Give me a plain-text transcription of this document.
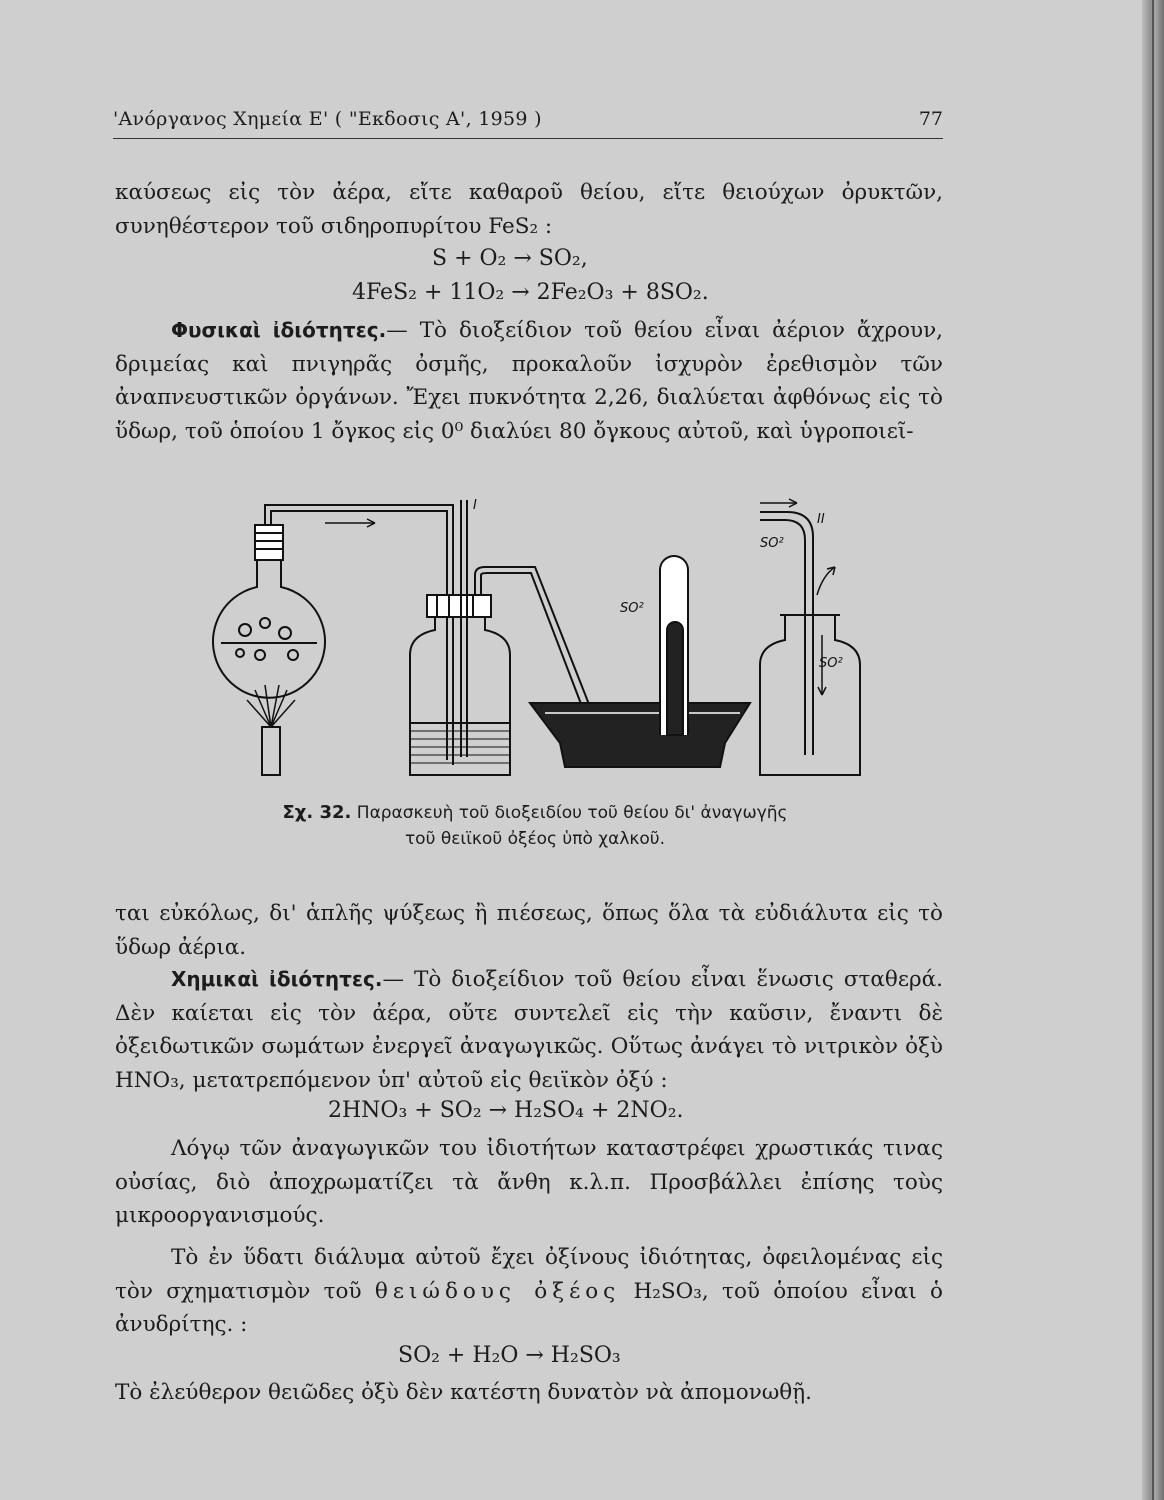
'Ανόργανος Χημεία Ε' ( "Εκδοσις Α', 1959 )	77
καύσεως εἰς τὸν ἀέρα, εἴτε καθαροῦ θείου, εἴτε θειούχων ὀρυκτῶν, συνηθέστερον τοῦ σιδηροπυρίτου FeS₂ :
S + O₂ → SO₂,
4FeS₂ + 11O₂ → 2Fe₂O₃ + 8SO₂.
Φυσικαὶ ἰδιότητες.— Τὸ διοξείδιον τοῦ θείου εἶναι ἀέριον ἄχρουν, δριμείας καὶ πνιγηρᾶς ὀσμῆς, προκαλοῦν ἰσχυρὸν ἐρεθισμὸν τῶν ἀναπνευστικῶν ὀργάνων. Ἔχει πυκνότητα 2,26, διαλύεται ἀφθόνως εἰς τὸ ὕδωρ, τοῦ ὁποίου 1 ὄγκος εἰς 0⁰ διαλύει 80 ὄγκους αὐτοῦ, καὶ ὑγροποιεῖ-
I
II
SO²
SO²
SO²
Σχ. 32. Παρασκευὴ τοῦ διοξειδίου τοῦ θείου δι' ἀναγωγῆς
τοῦ θειϊκοῦ ὀξέος ὑπὸ χαλκοῦ.
ται εὐκόλως, δι' ἁπλῆς ψύξεως ἢ πιέσεως, ὅπως ὅλα τὰ εὐδιάλυτα εἰς τὸ ὕδωρ ἀέρια.
Χημικαὶ ἰδιότητες.— Τὸ διοξείδιον τοῦ θείου εἶναι ἕνωσις σταθερά. Δὲν καίεται εἰς τὸν ἀέρα, οὔτε συντελεῖ εἰς τὴν καῦσιν, ἔναντι δὲ ὀξειδωτικῶν σωμάτων ἐνεργεῖ ἀναγωγικῶς. Οὕτως ἀνάγει τὸ νιτρικὸν ὀξὺ HNO₃, μετατρεπόμενον ὑπ' αὐτοῦ εἰς θειϊκὸν ὀξύ :
2HNO₃ + SO₂ → H₂SO₄ + 2NO₂.
Λόγῳ τῶν ἀναγωγικῶν του ἰδιοτήτων καταστρέφει χρωστικάς τινας οὐσίας, διὸ ἀποχρωματίζει τὰ ἄνθη κ.λ.π. Προσβάλλει ἐπίσης τοὺς μικροοργανισμούς.
Τὸ ἐν ὕδατι διάλυμα αὐτοῦ ἔχει ὀξίνους ἰδιότητας, ὀφειλομένας εἰς τὸν σχηματισμὸν τοῦ θειώδους ὀξέος H₂SO₃, τοῦ ὁποίου εἶναι ὁ ἀνυδρίτης. :
SO₂ + H₂O → H₂SO₃
Τὸ ἐλεύθερον θειῶδες ὀξὺ δὲν κατέστη δυνατὸν νὰ ἀπομονωθῇ.
